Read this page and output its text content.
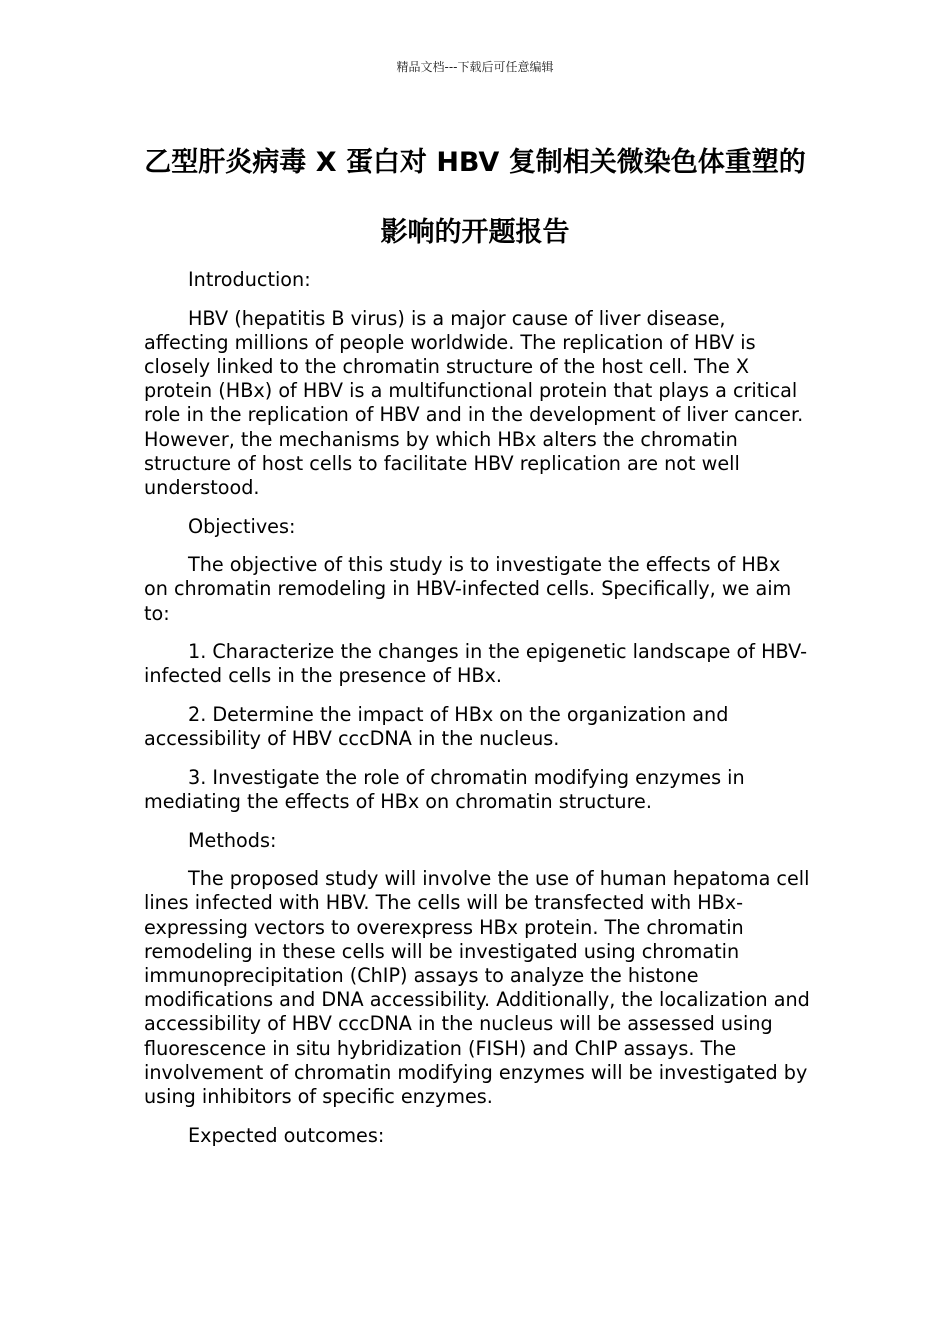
精品文档---下载后可任意编辑

乙型肝炎病毒 X 蛋白对 HBV 复制相关微染色体重塑的影响的开题报告

Introduction:

HBV (hepatitis B virus) is a major cause of liver disease, affecting millions of people worldwide. The replication of HBV is closely linked to the chromatin structure of the host cell. The X protein (HBx) of HBV is a multifunctional protein that plays a critical role in the replication of HBV and in the development of liver cancer. However, the mechanisms by which HBx alters the chromatin structure of host cells to facilitate HBV replication are not well understood.

Objectives:

The objective of this study is to investigate the effects of HBx on chromatin remodeling in HBV-infected cells. Specifically, we aim to:

1. Characterize the changes in the epigenetic landscape of HBV-infected cells in the presence of HBx.

2. Determine the impact of HBx on the organization and accessibility of HBV cccDNA in the nucleus.

3. Investigate the role of chromatin modifying enzymes in mediating the effects of HBx on chromatin structure.

Methods:

The proposed study will involve the use of human hepatoma cell lines infected with HBV. The cells will be transfected with HBx-expressing vectors to overexpress HBx protein. The chromatin remodeling in these cells will be investigated using chromatin immunoprecipitation (ChIP) assays to analyze the histone modifications and DNA accessibility. Additionally, the localization and accessibility of HBV cccDNA in the nucleus will be assessed using fluorescence in situ hybridization (FISH) and ChIP assays. The involvement of chromatin modifying enzymes will be investigated by using inhibitors of specific enzymes.

Expected outcomes:
